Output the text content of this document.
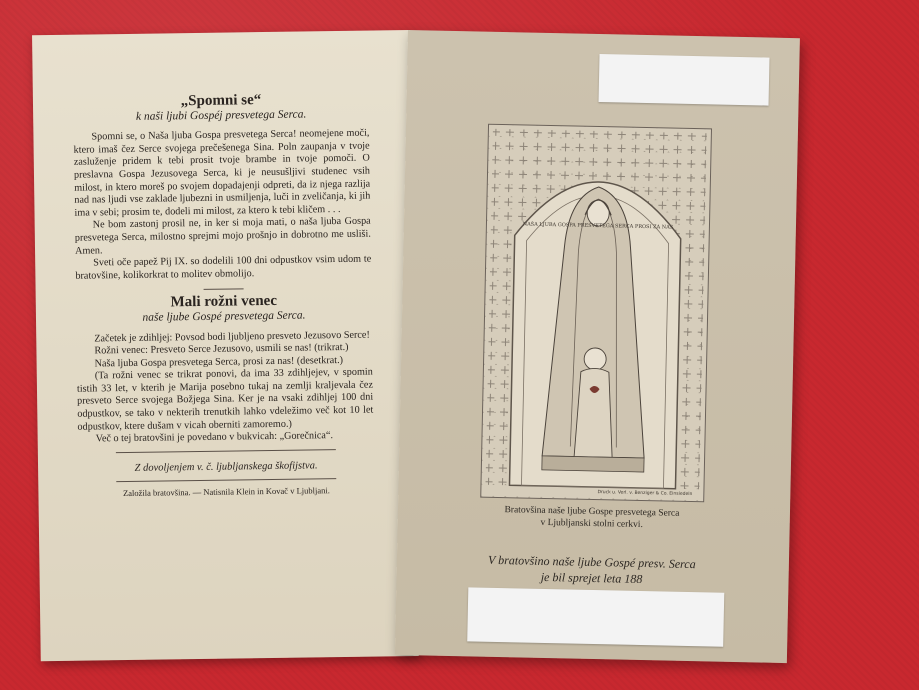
„Spomni se“
k naši ljubi Gospéj presvetega Serca.

Spomni se, o Naša ljuba Gospa presvetega Serca! neomejene moči, ktero imaš čez Serce svojega prečešenega Sina. Poln zaupanja v tvoje zasluženje pridem k tebi prosit tvoje brambe in tvoje pomoči. O preslavna Gospa Jezusovega Serca, ki je neusušljivi studenec vsih milost, in ktero moreš po svojem dopadajenji odpreti, da iz njega razlija nad nas ljudi vse zaklade ljubezni in usmiljenja, luči in zveličanja, ki jih ima v sebi; prosim te, dodeli mi milost, za ktero k tebi kličem . . .

Ne bom zastonj prosil ne, in ker si moja mati, o naša ljuba Gospa presvetega Serca, milostno sprejmi mojo prošnjo in dobrotno me usliši. Amen.

Sveti oče papež Pij IX. so dodelili 100 dni odpustkov vsim udom te bratovšine, kolikorkrat to molitev obmolijo.

Mali rožni venec
naše ljube Gospé presvetega Serca.

Začetek je zdihljej: Povsod bodi ljubljeno presveto Jezusovo Serce!

Rožni venec: Presveto Serce Jezusovo, usmili se nas! (trikrat.)

Naša ljuba Gospa presvetega Serca, prosi za nas! (desetkrat.)

(Ta rožni venec se trikrat ponovi, da ima 33 zdihljejev, v spomin tistih 33 let, v kterih je Marija posebno tukaj na zemlji kraljevala čez presveto Serce svojega Božjega Sina. Ker je na vsaki zdihljej 100 dni odpustkov, se tako v nekterih trenutkih lahko vdeležimo več kot 10 let odpustkov, ktere dušam v vicah oberniti zamoremo.)

Več o tej bratovšini je povedano v bukvicah: „Gorečnica“.

Z dovoljenjem v. č. ljubljanskega škofijstva.
Založila bratovšina. — Natisnila Klein in Kovač v Ljubljani.
NAŠA LJUBA GOSPA PRESVETEGA SERCA PROSI ZA NAS
Druck u. Verl. v. Benziger & Co. Einsiedeln
Bratovšina naše ljube Gospe presvetega Serca
v Ljubljanski stolni cerkvi.
V bratovšino naše ljube Gospé presv. Serca
je bil sprejet leta 188
